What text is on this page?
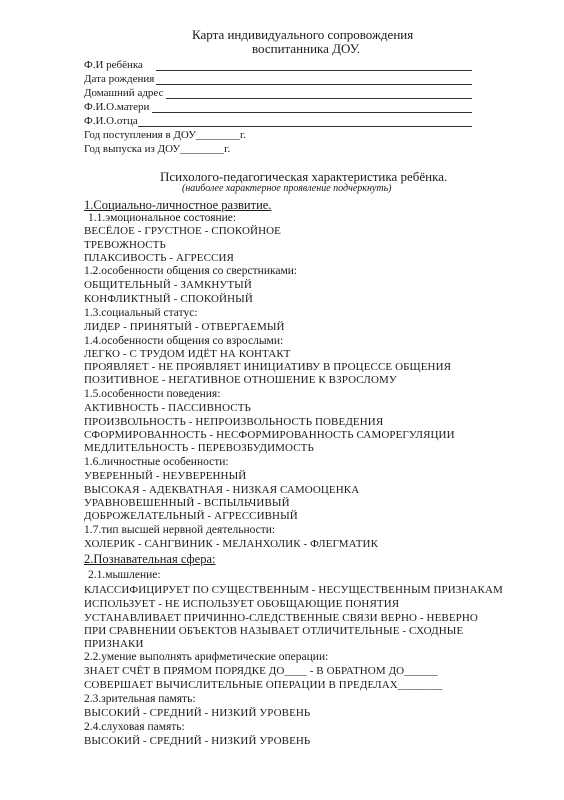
Карта индивидуального сопровождения
воспитанника ДОУ.
Ф.И ребёнка
Дата рождения
Домашний адрес
Ф.И.О.матери
Ф.И.О.отца
Год поступления в ДОУ________г.
Год выпуска из ДОУ________г.
Психолого-педагогическая характеристика ребёнка.
(наиболее характерное проявление подчеркнуть)
1.Социально-личностное развитие.
1.1.эмоциональное состояние:
ВЕСЁЛОЕ - ГРУСТНОЕ - СПОКОЙНОЕ
ТРЕВОЖНОСТЬ
ПЛАКСИВОСТЬ - АГРЕССИЯ
1.2.особенности общения со сверстниками:
ОБЩИТЕЛЬНЫЙ - ЗАМКНУТЫЙ
КОНФЛИКТНЫЙ - СПОКОЙНЫЙ
1.3.социальный статус:
ЛИДЕР - ПРИНЯТЫЙ - ОТВЕРГАЕМЫЙ
1.4.особенности общения со взрослыми:
ЛЕГКО - С ТРУДОМ ИДЁТ НА КОНТАКТ
ПРОЯВЛЯЕТ - НЕ ПРОЯВЛЯЕТ ИНИЦИАТИВУ В ПРОЦЕССЕ ОБЩЕНИЯ
ПОЗИТИВНОЕ - НЕГАТИВНОЕ ОТНОШЕНИЕ К ВЗРОСЛОМУ
1.5.особенности поведения:
АКТИВНОСТЬ - ПАССИВНОСТЬ
ПРОИЗВОЛЬНОСТЬ - НЕПРОИЗВОЛЬНОСТЬ ПОВЕДЕНИЯ
СФОРМИРОВАННОСТЬ - НЕСФОРМИРОВАННОСТЬ САМОРЕГУЛЯЦИИ
МЕДЛИТЕЛЬНОСТЬ - ПЕРЕВОЗБУДИМОСТЬ
1.6.личностные особенности:
УВЕРЕННЫЙ - НЕУВЕРЕННЫЙ
ВЫСОКАЯ - АДЕКВАТНАЯ - НИЗКАЯ САМООЦЕНКА
УРАВНОВЕШЕННЫЙ - ВСПЫЛЬЧИВЫЙ
ДОБРОЖЕЛАТЕЛЬНЫЙ - АГРЕССИВНЫЙ
1.7.тип высшей нервной деятельности:
ХОЛЕРИК - САНГВИНИК - МЕЛАНХОЛИК - ФЛЕГМАТИК
2.Познавательная сфера:
2.1.мышление:
КЛАССИФИЦИРУЕТ ПО СУЩЕСТВЕННЫМ - НЕСУЩЕСТВЕННЫМ ПРИЗНАКАМ
ИСПОЛЬЗУЕТ - НЕ ИСПОЛЬЗУЕТ ОБОБЩАЮЩИЕ ПОНЯТИЯ
УСТАНАВЛИВАЕТ ПРИЧИННО-СЛЕДСТВЕННЫЕ СВЯЗИ ВЕРНО - НЕВЕРНО
ПРИ СРАВНЕНИИ ОБЪЕКТОВ НАЗЫВАЕТ ОТЛИЧИТЕЛЬНЫЕ - СХОДНЫЕ
ПРИЗНАКИ
2.2.умение выполнять арифметические операции:
ЗНАЕТ СЧЁТ В ПРЯМОМ ПОРЯДКЕ ДО____ - В ОБРАТНОМ ДО______
СОВЕРШАЕТ ВЫЧИСЛИТЕЛЬНЫЕ ОПЕРАЦИИ В ПРЕДЕЛАХ________
2.3.зрительная память:
ВЫСОКИЙ - СРЕДНИЙ - НИЗКИЙ УРОВЕНЬ
2.4.слуховая память:
ВЫСОКИЙ - СРЕДНИЙ - НИЗКИЙ УРОВЕНЬ
